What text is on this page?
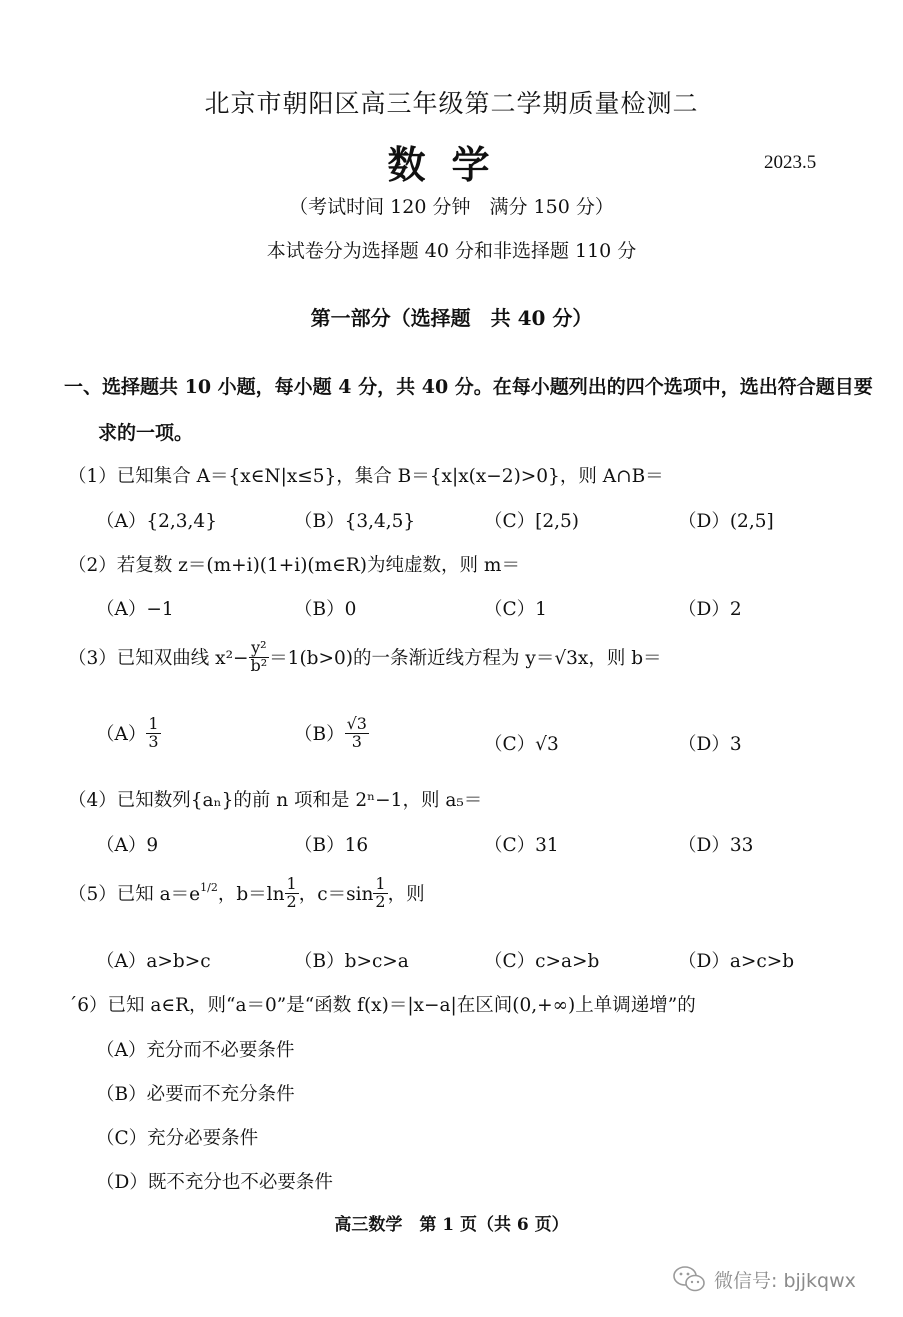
北京市朝阳区高三年级第二学期质量检测二
数学	2023.5
（考试时间 120 分钟　满分 150 分）
本试卷分为选择题 40 分和非选择题 110 分
第一部分（选择题　共 40 分）
一、选择题共 10 小题，每小题 4 分，共 40 分。在每小题列出的四个选项中，选出符合题目要
求的一项。
（1）已知集合 A＝{x∈N|x≤5}，集合 B＝{x|x(x−2)>0}，则 A∩B＝
（A）{2,3,4}	（B）{3,4,5}	（C）[2,5)	（D）(2,5]
（2）若复数 z＝(m+i)(1+i)(m∈R)为纯虚数，则 m＝
（A）−1	（B）0	（C）1	（D）2
（3）已知双曲线 $x^2- \frac{\text{y²}}{\text{b²}} =1(b>0)$的一条渐近线方程为 y＝√3x，则 b＝
$(A) \frac{1}{3}$	$(B) \frac{√3}{3}$	（C）√3	（D）3
（4）已知数列{aₙ}的前 n 项和是 2ⁿ−1，则 a₅＝
（A）9	（B）16	（C）31	（D）33
（5）已知 $a=e^{1/2}$ ，$b=\ln \frac{1}{2}$ ，$c=\sin \frac{1}{2}$ ，则
（A）a>b>c	（B）b>c>a	（C）c>a>b	（D）a>c>b
´6）已知 a∈R，则“a＝0”是“函数 f(x)＝|x−a|在区间(0,+∞)上单调递增”的
（A）充分而不必要条件
（B）必要而不充分条件
（C）充分必要条件
（D）既不充分也不必要条件
高三数学　第 1 页（共 6 页）
微信号: bjjkqwx
